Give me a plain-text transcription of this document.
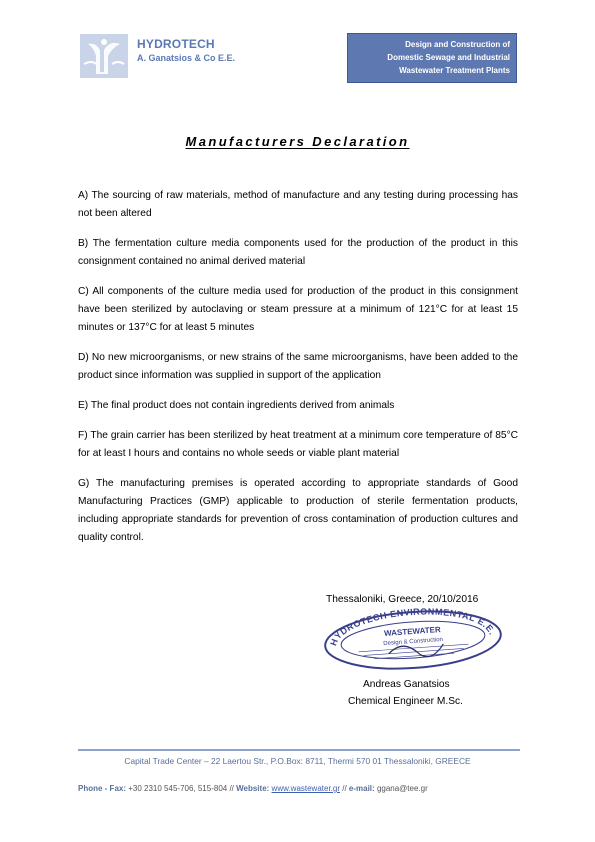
HYDROTECH
A. Ganatsios & Co E.E.
Design and Construction of
Domestic Sewage and Industrial
Wastewater Treatment Plants
Manufacturers Declaration

A) The sourcing of raw materials, method of manufacture and any testing during processing has not been altered

B) The fermentation culture media components used for the production of the product in this consignment contained no animal derived material

C) All components of the culture media used for production of the product in this consignment have been sterilized by autoclaving or steam pressure at a minimum of 121°C for at least 15 minutes or 137°C for at least 5 minutes

D) No new microorganisms, or new strains of the same microorganisms, have been added to the product since information was supplied in support of the application

E) The final product does not contain ingredients derived from animals

F) The grain carrier has been sterilized by heat treatment at a minimum core temperature of 85°C for at least I hours and contains no whole seeds or viable plant material

G) The manufacturing premises is operated according to appropriate standards of Good Manufacturing Practices (GMP) applicable to production of sterile fermentation products, including appropriate standards for prevention of cross contamination of production cultures and quality control.

Thessaloniki, Greece, 20/10/2016
HYDROTECH ENVIRONMENTAL E.E.
WASTEWATER
Design & Construction
Andreas Ganatsios
Chemical Engineer M.Sc.
Capital Trade Center – 22 Laertou Str., P.O.Box: 8711, Thermi 570 01 Thessaloniki, GREECE
Phone - Fax: +30 2310 545-706, 515-804 // Website: www.wastewater.gr // e-mail: ggana@tee.gr
